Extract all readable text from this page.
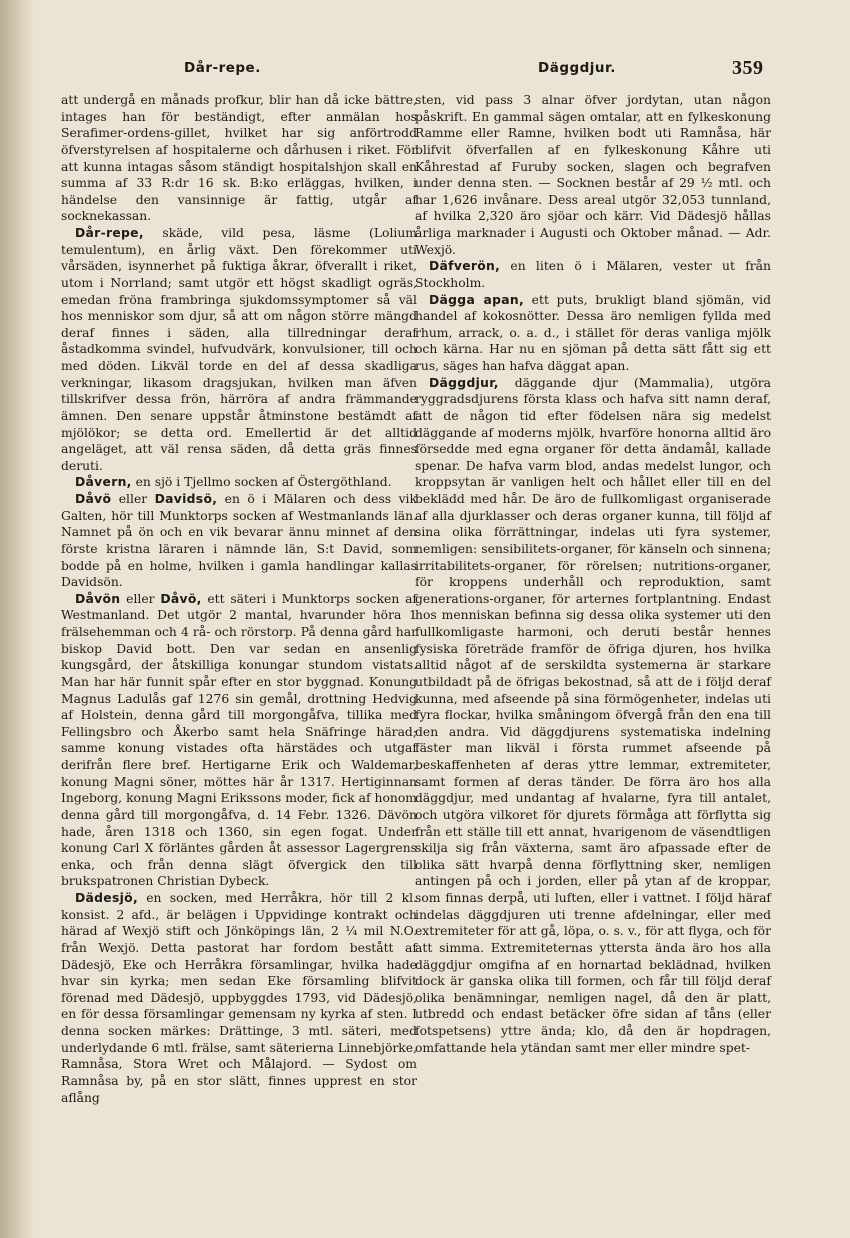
Dår-repe.	Däggdjur.	359

att undergå en månads profkur, blir han då icke bättre, intages han för beständigt, efter anmälan hos Serafimer-ordens-gillet, hvilket har sig anförtrodd öfverstyrelsen af hospitalerne och dårhusen i riket. För att kunna intagas såsom ständigt hospitalshjon skall en summa af 33 R:dr 16 sk. B:ko erläggas, hvilken, i händelse den vansinnige är fattig, utgår af socknekassan.

Dår-repe, skäde, vild pesa, läsme (Lolium temulentum), en årlig växt. Den förekommer uti vårsäden, isynnerhet på fuktiga åkrar, öfverallt i riket, utom i Norrland; samt utgör ett högst skadligt ogräs, emedan fröna frambringa sjukdomssymptomer så väl hos menniskor som djur, så att om någon större mängd deraf finnes i säden, alla tillredningar deraf åstadkomma svindel, hufvudvärk, konvulsioner, till och med döden. Likväl torde en del af dessa skadliga verkningar, likasom dragsjukan, hvilken man äfven tillskrifver dessa frön, härröra af andra främmande ämnen. Den senare uppstår åtminstone bestämdt af mjölökor; se detta ord. Emellertid är det alltid angeläget, att väl rensa säden, då detta gräs finnes deruti.

Dåvern, en sjö i Tjellmo socken af Östergöthland.

Dåvö eller Davidsö, en ö i Mälaren och dess vik Galten, hör till Munktorps socken af Westmanlands län. Namnet på ön och en vik bevarar ännu minnet af den förste kristna läraren i nämnde län, S:t David, som bodde på en holme, hvilken i gamla handlingar kallas Davidsön.

Dåvön eller Dåvö, ett säteri i Munktorps socken af Westmanland. Det utgör 2 mantal, hvarunder höra 1 frälsehemman och 4 rå- och rörstorp. På denna gård har biskop David bott. Den var sedan en ansenlig kungsgård, der åtskilliga konungar stundom vistats. Man har här funnit spår efter en stor byggnad. Konung Magnus Ladulås gaf 1276 sin gemål, drottning Hedvig af Holstein, denna gård till morgongåfva, tillika med Fellingsbro och Åkerbo samt hela Snäfringe härad; samme konung vistades ofta härstädes och utgaf derifrån flere bref. Hertigarne Erik och Waldemar, konung Magni söner, möttes här år 1317. Hertiginnan Ingeborg, konung Magni Erikssons moder, fick af honom denna gård till morgongåfva, d. 14 Febr. 1326. Dävön hade, åren 1318 och 1360, sin egen fogat. Under konung Carl X förläntes gården åt assessor Lagergrens enka, och från denna slägt öfvergick den till brukspatronen Christian Dybeck.

Dädesjö, en socken, med Herråkra, hör till 2 kl. konsist. 2 afd., är belägen i Uppvidinge kontrakt och härad af Wexjö stift och Jönköpings län, 2 ¼ mil N.O. från Wexjö. Detta pastorat har fordom bestått af Dädesjö, Eke och Herråkra församlingar, hvilka hade hvar sin kyrka; men sedan Eke församling blifvit förenad med Dädesjö, uppbyggdes 1793, vid Dädesjö, en för dessa församlingar gemensam ny kyrka af sten. I denna socken märkes: Drättinge, 3 mtl. säteri, med underlydande 6 mtl. frälse, samt säterierna Linnebjörke, Ramnåsa, Stora Wret och Målajord. — Sydost om Ramnåsa by, på en stor slätt, finnes upprest en stor aflång

sten, vid pass 3 alnar öfver jordytan, utan någon påskrift. En gammal sägen omtalar, att en fylkeskonung Ramme eller Ramne, hvilken bodt uti Ramnåsa, här blifvit öfverfallen af en fylkeskonung Kåhre uti Kåhrestad af Furuby socken, slagen och begrafven under denna sten. — Socknen består af 29 ½ mtl. och har 1,626 invånare. Dess areal utgör 32,053 tunnland, af hvilka 2,320 äro sjöar och kärr. Vid Dädesjö hållas årliga marknader i Augusti och Oktober månad. — Adr. Wexjö.

Däfverön, en liten ö i Mälaren, vester ut från Stockholm.

Dägga apan, ett puts, brukligt bland sjömän, vid handel af kokosnötter. Dessa äro nemligen fyllda med rhum, arrack, o. a. d., i stället för deras vanliga mjölk och kärna. Har nu en sjöman på detta sätt fått sig ett rus, säges han hafva däggat apan.

Däggdjur, däggande djur (Mammalia), utgöra ryggradsdjurens första klass och hafva sitt namn deraf, att de någon tid efter födelsen nära sig medelst däggande af moderns mjölk, hvarföre honorna alltid äro försedde med egna organer för detta ändamål, kallade spenar. De hafva varm blod, andas medelst lungor, och kroppsytan är vanligen helt och hållet eller till en del beklädd med hår. De äro de fullkomligast organiserade af alla djurklasser och deras organer kunna, till följd af sina olika förrättningar, indelas uti fyra systemer, nemligen: sensibilitets-organer, för känseln och sinnena; irritabilitets-organer, för rörelsen; nutritions-organer, för kroppens underhåll och reproduktion, samt generations-organer, för arternes fortplantning. Endast hos menniskan befinna sig dessa olika systemer uti den fullkomligaste harmoni, och deruti består hennes fysiska företräde framför de öfriga djuren, hos hvilka alltid något af de serskildta systemerna är starkare utbildadt på de öfrigas bekostnad, så att de i följd deraf kunna, med afseende på sina förmögenheter, indelas uti fyra flockar, hvilka småningom öfvergå från den ena till den andra. Vid däggdjurens systematiska indelning fäster man likväl i första rummet afseende på beskaffenheten af deras yttre lemmar, extremiteter, samt formen af deras tänder. De förra äro hos alla däggdjur, med undantag af hvalarne, fyra till antalet, och utgöra vilkoret för djurets förmåga att förflytta sig från ett ställe till ett annat, hvarigenom de väsendtligen skilja sig från växterna, samt äro afpassade efter de olika sätt hvarpå denna förflyttning sker, nemligen antingen på och i jorden, eller på ytan af de kroppar, som finnas derpå, uti luften, eller i vattnet. I följd häraf indelas däggdjuren uti trenne afdelningar, eller med extremiteter för att gå, löpa, o. s. v., för att flyga, och för att simma. Extremiteternas yttersta ända äro hos alla däggdjur omgifna af en hornartad beklädnad, hvilken dock är ganska olika till formen, och får till följd deraf olika benämningar, nemligen nagel, då den är platt, utbredd och endast betäcker öfre sidan af tåns (eller fotspetsens) yttre ända; klo, då den är hopdragen, omfattande hela ytändan samt mer eller mindre spet-
